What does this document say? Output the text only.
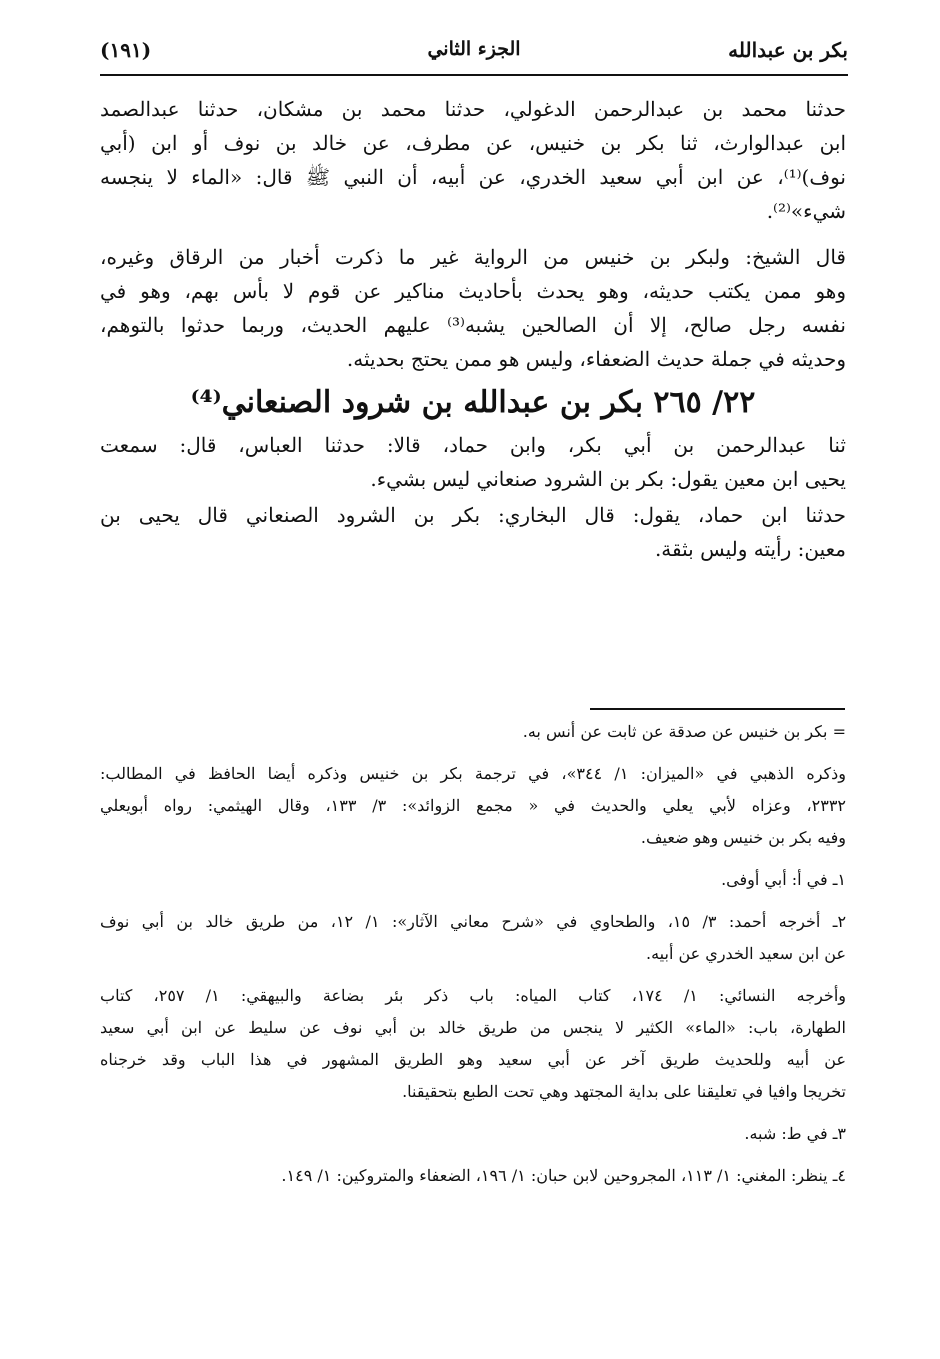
بكر بن عبدالله
الجزء الثاني
(١٩١)
حدثنا محمد بن عبدالرحمن الدغولي، حدثنا محمد بن مشكان، حدثنا عبدالصمد
ابن عبدالوارث، ثنا بكر بن خنيس، عن مطرف، عن خالد بن نوف أو ابن (أبي
نوف)⁽¹⁾، عن ابن أبي سعيد الخدري، عن أبيه، أن النبي ﷺ قال: «الماء لا ينجسه
شيء»⁽²⁾.
قال الشيخ: ولبكر بن خنيس من الرواية غير ما ذكرت أخبار من الرقاق وغيره،
وهو ممن يكتب حديثه، وهو يحدث بأحاديث مناكير عن قوم لا بأس بهم، وهو في
نفسه رجل صالح، إلا أن الصالحين يشبه⁽³⁾ عليهم الحديث، وربما حدثوا بالتوهم،
وحديثه في جملة حديث الضعفاء، وليس هو ممن يحتج بحديثه.
٢٢/ ٢٦٥ بكر بن عبدالله بن شرود الصنعاني⁽⁴⁾
ثنا عبدالرحمن بن أبي بكر، وابن حماد، قالا: حدثنا العباس، قال: سمعت
يحيى ابن معين يقول: بكر بن الشرود صنعاني ليس بشيء.
حدثنا ابن حماد، يقول: قال البخاري: بكر بن الشرود الصنعاني قال يحيى بن
معين: رأيته وليس بثقة.
= بكر بن خنيس عن صدقة عن ثابت عن أنس به.
وذكره الذهبي في «الميزان: ١/ ٣٤٤»، في ترجمة بكر بن خنيس وذكره أيضا الحافظ في المطالب:
٢٣٣٢، وعزاه لأبي يعلي والحديث في « مجمع الزوائد»: ٣/ ١٣٣، وقال الهيثمي: رواه أبويعلي
وفيه بكر بن خنيس وهو ضعيف.
١ـ في أ: أبي أوفى.
٢ـ أخرجه أحمد: ٣/ ١٥، والطحاوي في «شرح معاني الآثار»: ١/ ١٢، من طريق خالد بن أبي نوف
عن ابن سعيد الخدري عن أبيه.
وأخرجه النسائي: ١/ ١٧٤، كتاب المياه: باب ذكر بئر بضاعة والبيهقي: ١/ ٢٥٧، كتاب
الطهارة، باب: «الماء» الكثير لا ينجس من طريق خالد بن أبي نوف عن سليط عن ابن أبي سعيد
عن أبيه وللحديث طريق آخر عن أبي سعيد وهو الطريق المشهور في هذا الباب وقد خرجناه
تخريجا وافيا في تعليقنا على بداية المجتهد وهي تحت الطبع بتحقيقنا.
٣ـ في ط: شبه.
٤ـ ينظر: المغني: ١/ ١١٣، المجروحين لابن حبان: ١/ ١٩٦، الضعفاء والمتروكين: ١/ ١٤٩.
